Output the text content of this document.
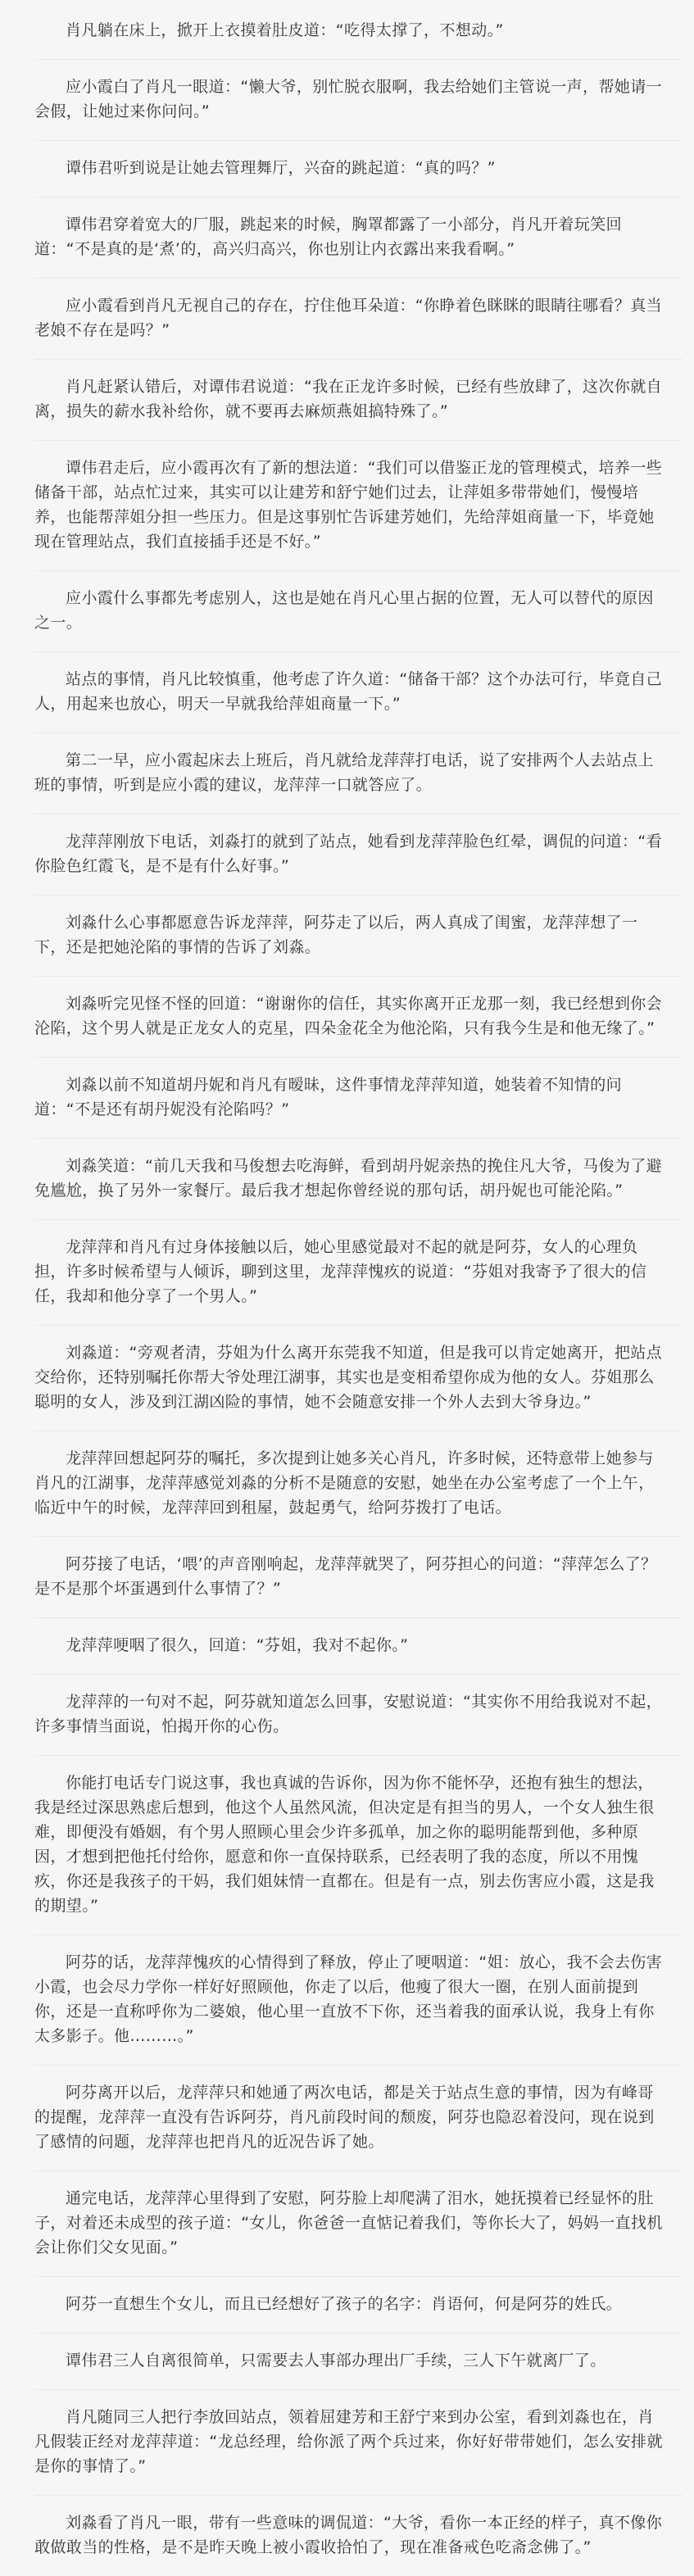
肖凡躺在床上，掀开上衣摸着肚皮道：“吃得太撑了，不想动。”

应小霞白了肖凡一眼道：“懒大爷，别忙脱衣服啊，我去给她们主管说一声，帮她请一会假，让她过来你问问。”

谭伟君听到说是让她去管理舞厅，兴奋的跳起道：“真的吗？”

谭伟君穿着宽大的厂服，跳起来的时候，胸罩都露了一小部分，肖凡开着玩笑回道：“不是真的是‘煮’的，高兴归高兴，你也别让内衣露出来我看啊。”

应小霞看到肖凡无视自己的存在，拧住他耳朵道：“你睁着色眯眯的眼睛往哪看？真当老娘不存在是吗？”

肖凡赶紧认错后，对谭伟君说道：“我在正龙许多时候，已经有些放肆了，这次你就自离，损失的薪水我补给你，就不要再去麻烦燕姐搞特殊了。”

谭伟君走后，应小霞再次有了新的想法道：“我们可以借鉴正龙的管理模式，培养一些储备干部，站点忙过来，其实可以让建芳和舒宁她们过去，让萍姐多带带她们，慢慢培养，也能帮萍姐分担一些压力。但是这事别忙告诉建芳她们，先给萍姐商量一下，毕竟她现在管理站点，我们直接插手还是不好。”

应小霞什么事都先考虑别人，这也是她在肖凡心里占据的位置，无人可以替代的原因之一。

站点的事情，肖凡比较慎重，他考虑了许久道：“储备干部？这个办法可行，毕竟自己人，用起来也放心，明天一早就我给萍姐商量一下。”

第二一早，应小霞起床去上班后，肖凡就给龙萍萍打电话，说了安排两个人去站点上班的事情，听到是应小霞的建议，龙萍萍一口就答应了。

龙萍萍刚放下电话，刘淼打的就到了站点，她看到龙萍萍脸色红晕，调侃的问道：“看你脸色红霞飞，是不是有什么好事。”

刘淼什么心事都愿意告诉龙萍萍，阿芬走了以后，两人真成了闺蜜，龙萍萍想了一下，还是把她沦陷的事情的告诉了刘淼。

刘淼听完见怪不怪的回道：“谢谢你的信任，其实你离开正龙那一刻，我已经想到你会沦陷，这个男人就是正龙女人的克星，四朵金花全为他沦陷，只有我今生是和他无缘了。”

刘淼以前不知道胡丹妮和肖凡有暧昧，这件事情龙萍萍知道，她装着不知情的问道：“不是还有胡丹妮没有沦陷吗？”

刘淼笑道：“前几天我和马俊想去吃海鲜，看到胡丹妮亲热的挽住凡大爷，马俊为了避免尴尬，换了另外一家餐厅。最后我才想起你曾经说的那句话，胡丹妮也可能沦陷。”

龙萍萍和肖凡有过身体接触以后，她心里感觉最对不起的就是阿芬，女人的心理负担，许多时候希望与人倾诉，聊到这里，龙萍萍愧疚的说道：“芬姐对我寄予了很大的信任，我却和他分享了一个男人。”

刘淼道：“旁观者清，芬姐为什么离开东莞我不知道，但是我可以肯定她离开，把站点交给你，还特别嘱托你帮大爷处理江湖事，其实也是变相希望你成为他的女人。芬姐那么聪明的女人，涉及到江湖凶险的事情，她不会随意安排一个外人去到大爷身边。”

龙萍萍回想起阿芬的嘱托，多次提到让她多关心肖凡，许多时候，还特意带上她参与肖凡的江湖事，龙萍萍感觉刘淼的分析不是随意的安慰，她坐在办公室考虑了一个上午，临近中午的时候，龙萍萍回到租屋，鼓起勇气，给阿芬拨打了电话。

阿芬接了电话，‘喂’的声音刚响起，龙萍萍就哭了，阿芬担心的问道：“萍萍怎么了？是不是那个坏蛋遇到什么事情了？”

龙萍萍哽咽了很久，回道：“芬姐，我对不起你。”

龙萍萍的一句对不起，阿芬就知道怎么回事，安慰说道：“其实你不用给我说对不起，许多事情当面说，怕揭开你的心伤。

你能打电话专门说这事，我也真诚的告诉你，因为你不能怀孕，还抱有独生的想法，我是经过深思熟虑后想到，他这个人虽然风流，但决定是有担当的男人，一个女人独生很难，即便没有婚姻，有个男人照顾心里会少许多孤单，加之你的聪明能帮到他，多种原因，才想到把他托付给你，愿意和你一直保持联系，已经表明了我的态度，所以不用愧疚，你还是我孩子的干妈，我们姐妹情一直都在。但是有一点，别去伤害应小霞，这是我的期望。”

阿芬的话，龙萍萍愧疚的心情得到了释放，停止了哽咽道：“姐：放心，我不会去伤害小霞，也会尽力学你一样好好照顾他，你走了以后，他瘦了很大一圈，在别人面前提到你，还是一直称呼你为二婆娘，他心里一直放不下你，还当着我的面承认说，我身上有你太多影子。他………。”

阿芬离开以后，龙萍萍只和她通了两次电话，都是关于站点生意的事情，因为有峰哥的提醒，龙萍萍一直没有告诉阿芬，肖凡前段时间的颓废，阿芬也隐忍着没问，现在说到了感情的问题，龙萍萍也把肖凡的近况告诉了她。

通完电话，龙萍萍心里得到了安慰，阿芬脸上却爬满了泪水，她抚摸着已经显怀的肚子，对着还未成型的孩子道：“女儿，你爸爸一直惦记着我们，等你长大了，妈妈一直找机会让你们父女见面。”

阿芬一直想生个女儿，而且已经想好了孩子的名字：肖语何，何是阿芬的姓氏。

谭伟君三人自离很简单，只需要去人事部办理出厂手续，三人下午就离厂了。

肖凡随同三人把行李放回站点，领着屈建芳和王舒宁来到办公室，看到刘淼也在，肖凡假装正经对龙萍萍道：“龙总经理，给你派了两个兵过来，你好好带带她们，怎么安排就是你的事情了。”

刘淼看了肖凡一眼，带有一些意味的调侃道：“大爷，看你一本正经的样子，真不像你敢做敢当的性格，是不是昨天晚上被小霞收拾怕了，现在准备戒色吃斋念佛了。”
